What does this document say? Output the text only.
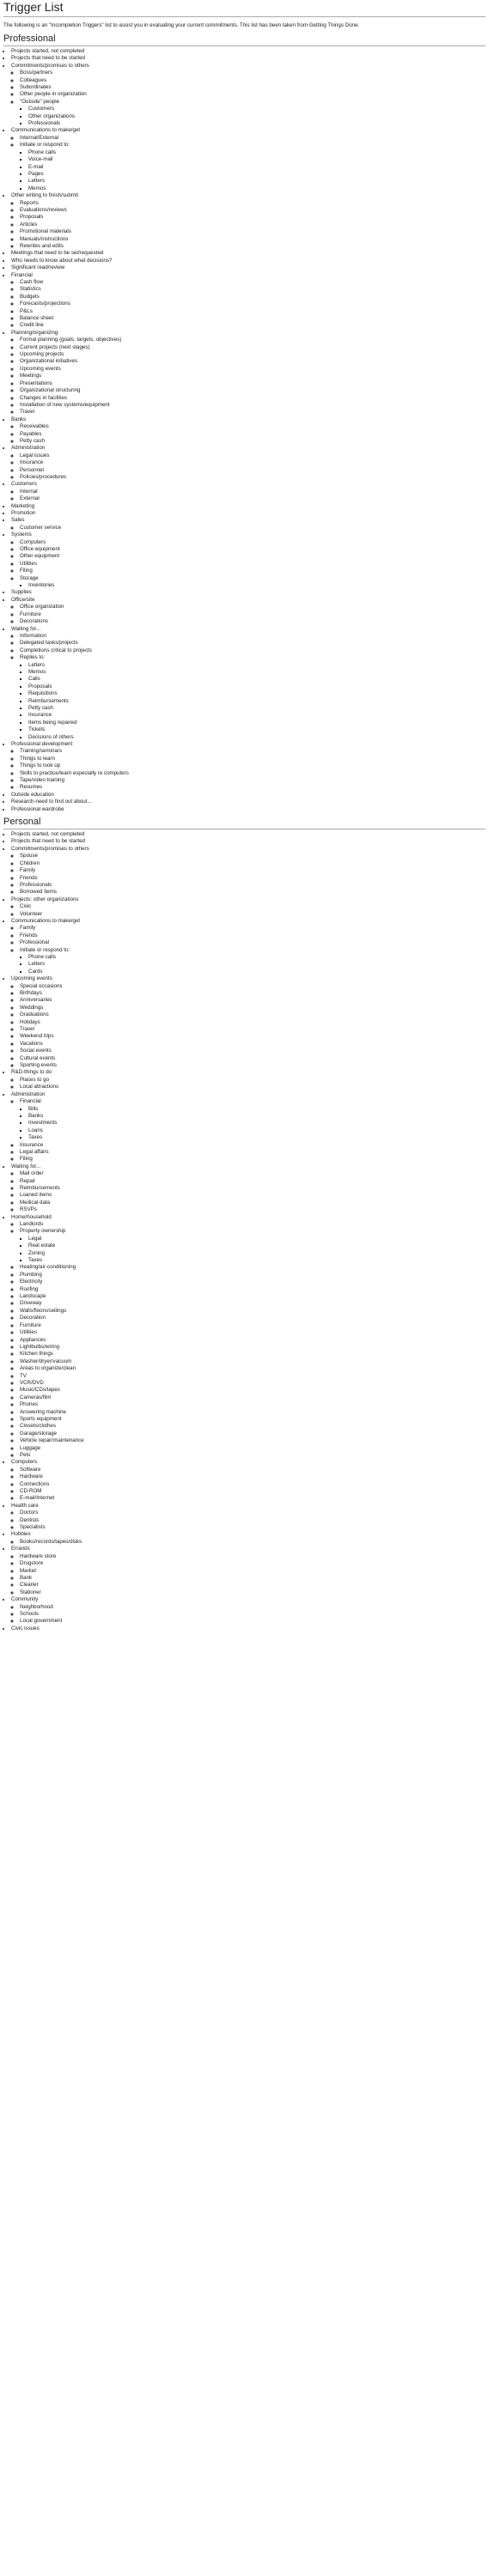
Trigger List

The following is an "Incompletion Triggers" list to assist you in evaluating your current commitments. This list has been taken from Getting Things Done.

Professional
• Projects started, not completed
• Projects that need to be started
• Commitments/promises to others
◦ Boss/partners
◦ Colleagues
◦ Subordinates
◦ Other people in organization
◦ "Outside" people
▪ Customers
▪ Other organizations
▪ Professionals
• Communications to make/get
◦ Internal/External
◦ Initiate or respond to:
▪ Phone calls
▪ Voice-mail
▪ E-mail
▪ Pages
▪ Letters
▪ Memos
• Other writing to finish/submit
◦ Reports
◦ Evaluations/reviews
◦ Proposals
◦ Articles
◦ Promotional materials
◦ Manuals/instructions
◦ Rewrites and edits
• Meetings that need to be set/requested
• Who needs to know about what decisions?
• Significant read/review
• Financial
◦ Cash flow
◦ Statistics
◦ Budgets
◦ Forecasts/projections
◦ P&Ls
◦ Balance sheet
◦ Credit line
• Planning/organizing
◦ Formal planning (goals, targets, objectives)
◦ Current projects (next stages)
◦ Upcoming projects
◦ Organizational initiatives
◦ Upcoming events
◦ Meetings
◦ Presentations
◦ Organizational structuring
◦ Changes in facilities
◦ Installation of new systems/equipment
◦ Travel
• Banks
◦ Receivables
◦ Payables
◦ Petty cash
• Administration
◦ Legal issues
◦ Insurance
◦ Personnel
◦ Policies/procedures
• Customers
◦ Internal
◦ External
• Marketing
• Promotion
• Sales
◦ Customer service
• Systems
◦ Computers
◦ Office equipment
◦ Other equipment
◦ Utilities
◦ Filing
◦ Storage
▪ Inventories
• Supplies
• Office/site
◦ Office organization
◦ Furniture
◦ Decorations
• Waiting for...
◦ Information
◦ Delegated tasks/projects
◦ Completions critical to projects
◦ Replies to:
▪ Letters
▪ Memos
▪ Calls
▪ Proposals
▪ Requisitions
▪ Reimbursements
▪ Petty cash
▪ Insurance
▪ Items being repaired
▪ Tickets
▪ Decisions of others
• Professional development
◦ Training/seminars
◦ Things to learn
◦ Things to look up
◦ Skills to practice/learn especially re computers
◦ Tape/video training
◦ Resumes
• Outside education
• Research-need to find out about...
• Professional wardrobe
Personal
• Projects started, not completed
• Projects that need to be started
• Commitments/promises to others
◦ Spouse
◦ Children
◦ Family
◦ Friends
◦ Professionals
◦ Borrowed items
• Projects: other organizations
◦ Civic
◦ Volunteer
• Communications to make/get
◦ Family
◦ Friends
◦ Professional
◦ Initiate or respond to:
▪ Phone calls
▪ Letters
▪ Cards
• Upcoming events
◦ Special occasions
◦ Birthdays
◦ Anniversaries
◦ Weddings
◦ Graduations
◦ Holidays
◦ Travel
◦ Weekend trips
◦ Vacations
◦ Social events
◦ Cultural events
◦ Sporting events
• R&D-things to do
◦ Places to go
◦ Local attractions
• Administration
◦ Financial
▪ Bills
▪ Banks
▪ Investments
▪ Loans
▪ Taxes
◦ Insurance
◦ Legal affairs
◦ Filing
• Waiting for...
◦ Mail order
◦ Repair
◦ Reimbursements
◦ Loaned items
◦ Medical data
◦ RSVPs
• Home/household
◦ Landlords
◦ Property ownership
▪ Legal
▪ Real estate
▪ Zoning
▪ Taxes
◦ Heating/air-conditioning
◦ Plumbing
◦ Electricity
◦ Roofing
◦ Landscape
◦ Driveway
◦ Walls/floors/ceilings
◦ Decoration
◦ Furniture
◦ Utilities
◦ Appliances
◦ Lightbulbs/wiring
◦ Kitchen things
◦ Washer/dryer/vacuum
◦ Areas to organize/clean
◦ TV
◦ VCR/DVD
◦ Music/CDs/tapes
◦ Cameras/film
◦ Phones
◦ Answering machine
◦ Sports equipment
◦ Closets/clothes
◦ Garage/storage
◦ Vehicle repair/maintenance
◦ Luggage
◦ Pets
• Computers
◦ Software
◦ Hardware
◦ Connections
◦ CD-ROM
◦ E-mail/Internet
• Health care
◦ Doctors
◦ Dentists
◦ Specialists
• Hobbies
◦ Books/records/tapes/disks
• Errands
◦ Hardware store
◦ Drugstore
◦ Market
◦ Bank
◦ Cleaner
◦ Stationer
• Community
◦ Neighborhood
◦ Schools
◦ Local government
• Civic issues
